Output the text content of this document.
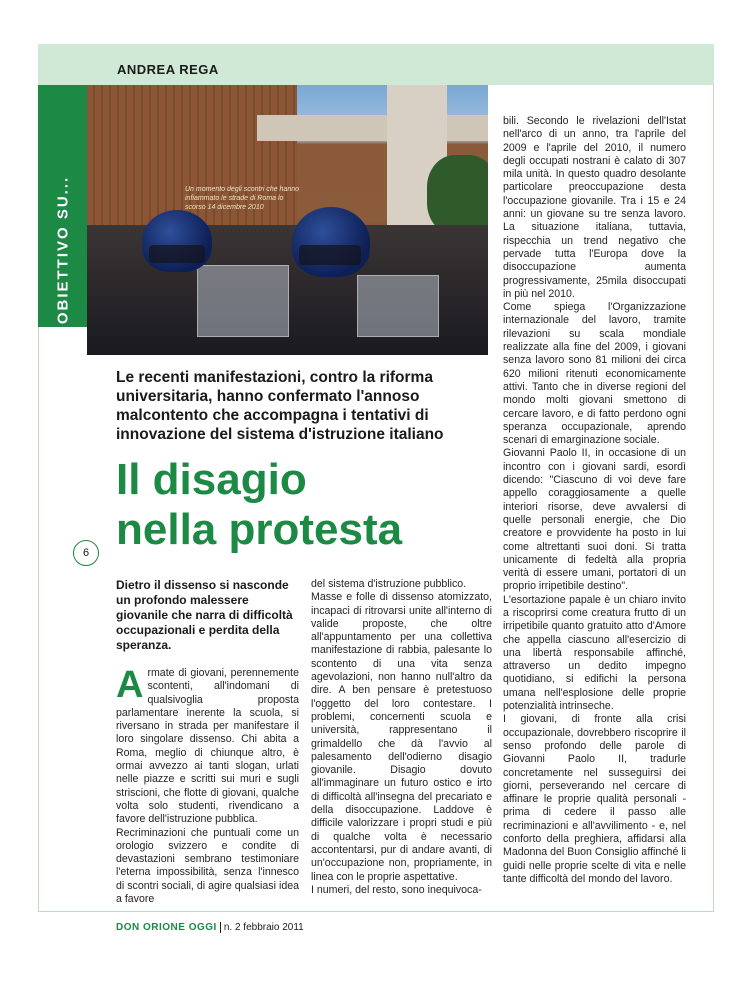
ANDREA REGA
OBIETTIVO SU...	Un momento degli scontri che hanno infiammato le strade di Roma lo scorso 14 dicembre 2010
Le recenti manifestazioni, contro la riforma universitaria, hanno confermato l'annoso malcontento che accompagna i tentativi di innovazione del sistema d'istruzione italiano
Il disagio
nella protesta
6
Dietro il dissenso si nasconde un profondo malessere giovanile che narra di difficoltà occupazionali e perdita della speranza.

Armate di giovani, perennemente scontenti, all'indomani di qualsivoglia proposta parlamentare inerente la scuola, si riversano in strada per manifestare il loro singolare dissenso. Chi abita a Roma, meglio di chiunque altro, è ormai avvezzo ai tanti slogan, urlati nelle piazze e scritti sui muri e sugli striscioni, che flotte di giovani, qualche volta solo studenti, rivendicano a favore dell'istruzione pubblica.

Recriminazioni che puntuali come un orologio svizzero e condite di devastazioni sembrano testimoniare l'eterna impossibilità, senza l'innesco di scontri sociali, di agire qualsiasi idea a favore

del sistema d'istruzione pubblico.

Masse e folle di dissenso atomizzato, incapaci di ritrovarsi unite all'interno di valide proposte, che oltre all'appuntamento per una collettiva manifestazione di rabbia, palesante lo scontento di una vita senza agevolazioni, non hanno null'altro da dire. A ben pensare è pretestuoso l'oggetto del loro contestare. I problemi, concernenti scuola e università, rappresentano il grimaldello che dà l'avvio al palesamento dell'odierno disagio giovanile. Disagio dovuto all'immaginare un futuro ostico e irto di difficoltà all'insegna del precariato e della disoccupazione. Laddove è difficile valorizzare i propri studi e più di qualche volta è necessario accontentarsi, pur di andare avanti, di un'occupazione non, propriamente, in linea con le proprie aspettative.

I numeri, del resto, sono inequivoca-

bili. Secondo le rivelazioni dell'Istat nell'arco di un anno, tra l'aprile del 2009 e l'aprile del 2010, il numero degli occupati nostrani è calato di 307 mila unità. In questo quadro desolante particolare preoccupazione desta l'occupazione giovanile. Tra i 15 e 24 anni: un giovane su tre senza lavoro. La situazione italiana, tuttavia, rispecchia un trend negativo che pervade tutta l'Europa dove la disoccupazione aumenta progressivamente, 25mila disoccupati in più nel 2010.

Come spiega l'Organizzazione internazionale del lavoro, tramite rilevazioni su scala mondiale realizzate alla fine del 2009, i giovani senza lavoro sono 81 milioni dei circa 620 milioni ritenuti economicamente attivi. Tanto che in diverse regioni del mondo molti giovani smettono di cercare lavoro, e di fatto perdono ogni speranza occupazionale, aprendo scenari di emarginazione sociale.

Giovanni Paolo II, in occasione di un incontro con i giovani sardi, esordì dicendo: "Ciascuno di voi deve fare appello coraggiosamente a quelle interiori risorse, deve avvalersi di quelle personali energie, che Dio creatore e provvidente ha posto in lui come altrettanti suoi doni. Si tratta unicamente di fedeltà alla propria verità di essere umani, portatori di un proprio irripetibile destino".

L'esortazione papale è un chiaro invito a riscoprirsi come creatura frutto di un irripetibile quanto gratuito atto d'Amore che appella ciascuno all'esercizio di una libertà responsabile affinché, attraverso un dedito impegno quotidiano, si edifichi la persona umana nell'esplosione delle proprie potenzialità intrinseche.

I giovani, di fronte alla crisi occupazionale, dovrebbero riscoprire il senso profondo delle parole di Giovanni Paolo II, tradurle concretamente nel susseguirsi dei giorni, perseverando nel cercare di affinare le proprie qualità personali - prima di cedere il passo alle recriminazioni e all'avvilimento - e, nel conforto della preghiera, affidarsi alla Madonna del Buon Consiglio affinché li guidi nelle proprie scelte di vita e nelle tante difficoltà del mondo del lavoro.

DON ORIONE OGGI n. 2 febbraio 2011
